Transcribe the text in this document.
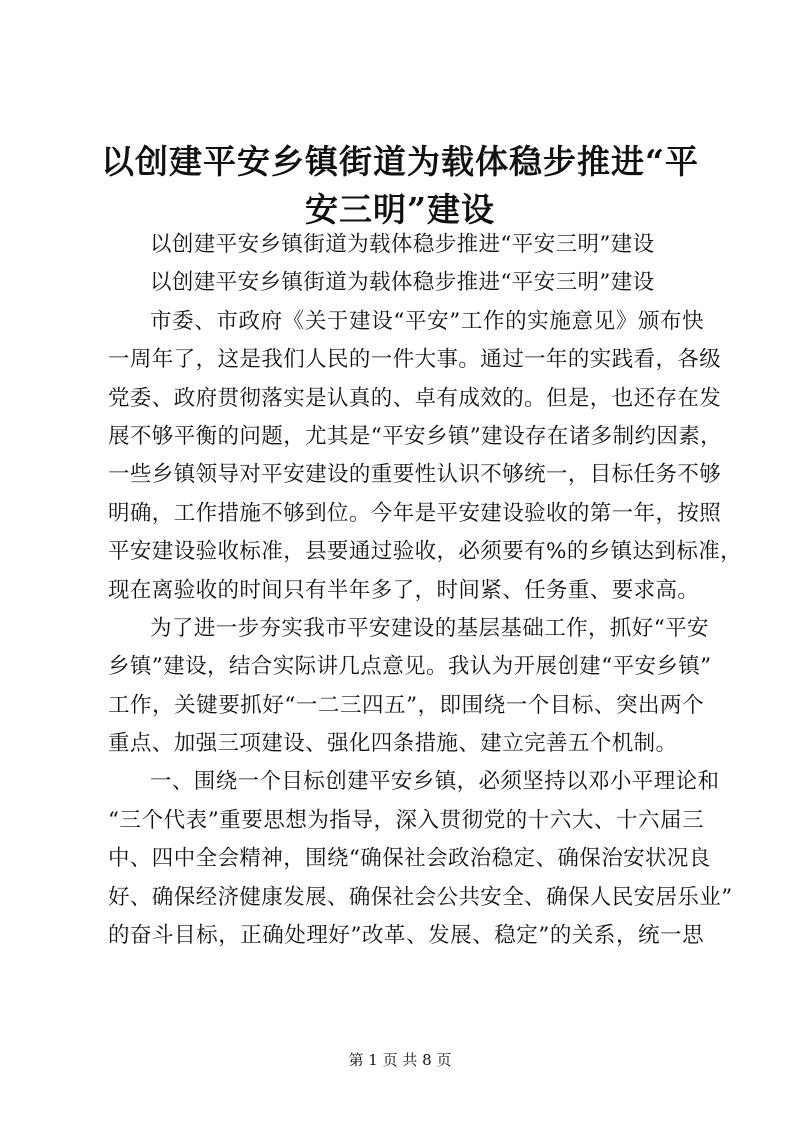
以创建平安乡镇街道为载体稳步推进“平安三明”建设
以创建平安乡镇街道为载体稳步推进“平安三明”建设
以创建平安乡镇街道为载体稳步推进“平安三明”建设
市委、市政府《关于建设“平安”工作的实施意见》颁布快
一周年了，这是我们人民的一件大事。通过一年的实践看，各级
党委、政府贯彻落实是认真的、卓有成效的。但是，也还存在发
展不够平衡的问题，尤其是“平安乡镇”建设存在诸多制约因素，
一些乡镇领导对平安建设的重要性认识不够统一，目标任务不够
明确，工作措施不够到位。今年是平安建设验收的第一年，按照
平安建设验收标准，县要通过验收，必须要有%的乡镇达到标准，
现在离验收的时间只有半年多了，时间紧、任务重、要求高。
为了进一步夯实我市平安建设的基层基础工作，抓好“平安
乡镇”建设，结合实际讲几点意见。我认为开展创建“平安乡镇”
工作，关键要抓好“一二三四五”，即围绕一个目标、突出两个
重点、加强三项建设、强化四条措施、建立完善五个机制。
一、围绕一个目标创建平安乡镇，必须坚持以邓小平理论和
“三个代表”重要思想为指导，深入贯彻党的十六大、十六届三
中、四中全会精神，围绕“确保社会政治稳定、确保治安状况良
好、确保经济健康发展、确保社会公共安全、确保人民安居乐业”
的奋斗目标，正确处理好”改革、发展、稳定”的关系，统一思
第 1 页 共 8 页
